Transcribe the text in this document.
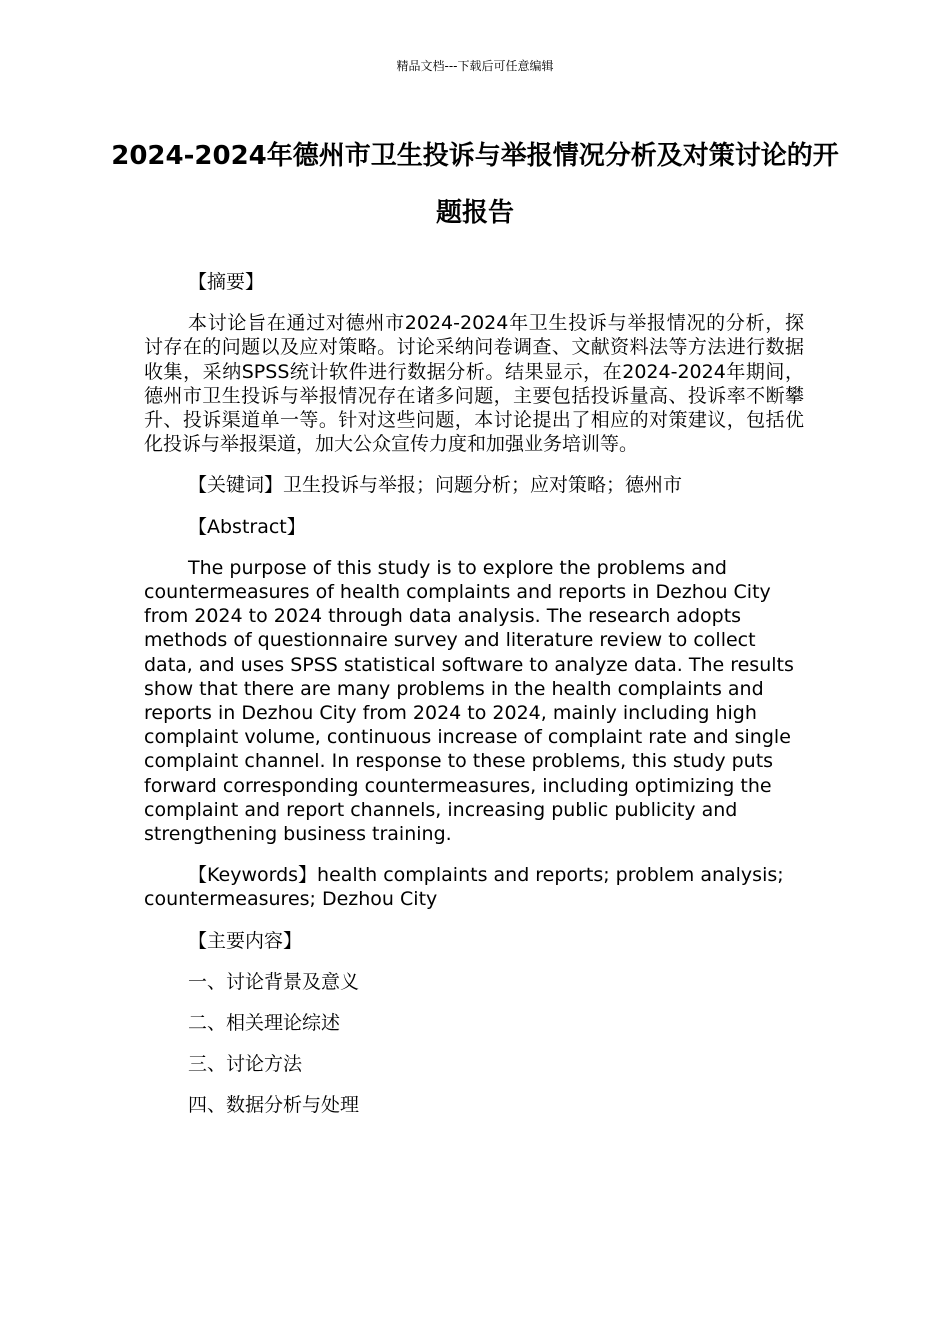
精品文档---下载后可任意编辑
2024-2024年德州市卫生投诉与举报情况分析及对策讨论的开题报告

【摘要】

本讨论旨在通过对德州市2024-2024年卫生投诉与举报情况的分析，探讨存在的问题以及应对策略。讨论采纳问卷调查、文献资料法等方法进行数据收集，采纳SPSS统计软件进行数据分析。结果显示，在2024-2024年期间，德州市卫生投诉与举报情况存在诸多问题，主要包括投诉量高、投诉率不断攀升、投诉渠道单一等。针对这些问题，本讨论提出了相应的对策建议，包括优化投诉与举报渠道，加大公众宣传力度和加强业务培训等。

【关键词】卫生投诉与举报；问题分析；应对策略；德州市

【Abstract】

The purpose of this study is to explore the problems and countermeasures of health complaints and reports in Dezhou City from 2024 to 2024 through data analysis. The research adopts methods of questionnaire survey and literature review to collect data, and uses SPSS statistical software to analyze data. The results show that there are many problems in the health complaints and reports in Dezhou City from 2024 to 2024, mainly including high complaint volume, continuous increase of complaint rate and single complaint channel. In response to these problems, this study puts forward corresponding countermeasures, including optimizing the complaint and report channels, increasing public publicity and strengthening business training.

【Keywords】health complaints and reports; problem analysis; countermeasures; Dezhou City

【主要内容】

一、讨论背景及意义

二、相关理论综述

三、讨论方法

四、数据分析与处理
